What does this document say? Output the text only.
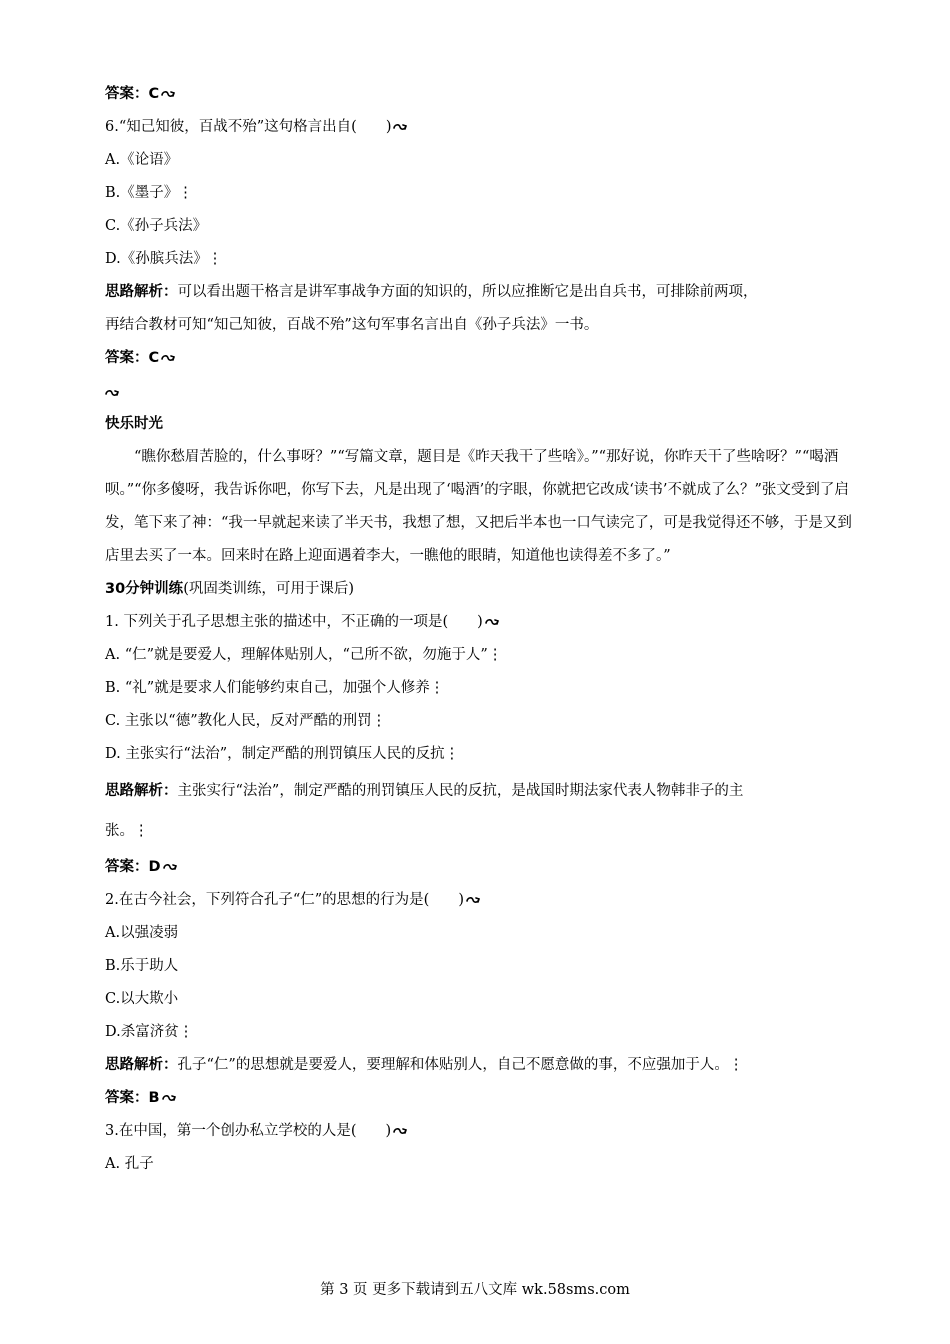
答案：C
6.“知己知彼，百战不殆”这句格言出自(　　)
A.《论语》
B.《墨子》⋮
C.《孙子兵法》
D.《孙膑兵法》⋮
思路解析：可以看出题干格言是讲军事战争方面的知识的，所以应推断它是出自兵书，可排除前两项，
再结合教材可知“知己知彼，百战不殆”这句军事名言出自《孙子兵法》一书。
答案：C
快乐时光

“瞧你愁眉苦脸的，什么事呀？”“写篇文章，题目是《昨天我干了些啥》。”“那好说，你昨天干了些啥呀？”“喝酒呗。”“你多傻呀，我告诉你吧，你写下去，凡是出现了‘喝酒’的字眼，你就把它改成‘读书’不就成了么？”张文受到了启发，笔下来了神：“我一早就起来读了半天书，我想了想，又把后半本也一口气读完了，可是我觉得还不够，于是又到店里去买了一本。回来时在路上迎面遇着李大，一瞧他的眼睛，知道他也读得差不多了。”

30分钟训练(巩固类训练，可用于课后)
1. 下列关于孔子思想主张的描述中，不正确的一项是(　　)
A. “仁”就是要爱人，理解体贴别人，“己所不欲，勿施于人”⋮
B. “礼”就是要求人们能够约束自己，加强个人修养⋮
C. 主张以“德”教化人民，反对严酷的刑罚⋮
D. 主张实行“法治”，制定严酷的刑罚镇压人民的反抗⋮
思路解析：主张实行“法治”，制定严酷的刑罚镇压人民的反抗，是战国时期法家代表人物韩非子的主
张。⋮
答案：D
2.在古今社会，下列符合孔子“仁”的思想的行为是(　　)
A.以强凌弱
B.乐于助人
C.以大欺小
D.杀富济贫⋮
思路解析：孔子“仁”的思想就是要爱人，要理解和体贴别人，自己不愿意做的事，不应强加于人。⋮
答案：B
3.在中国，第一个创办私立学校的人是(　　)
A. 孔子
第 3 页 更多下载请到五八文库 wk.58sms.com
